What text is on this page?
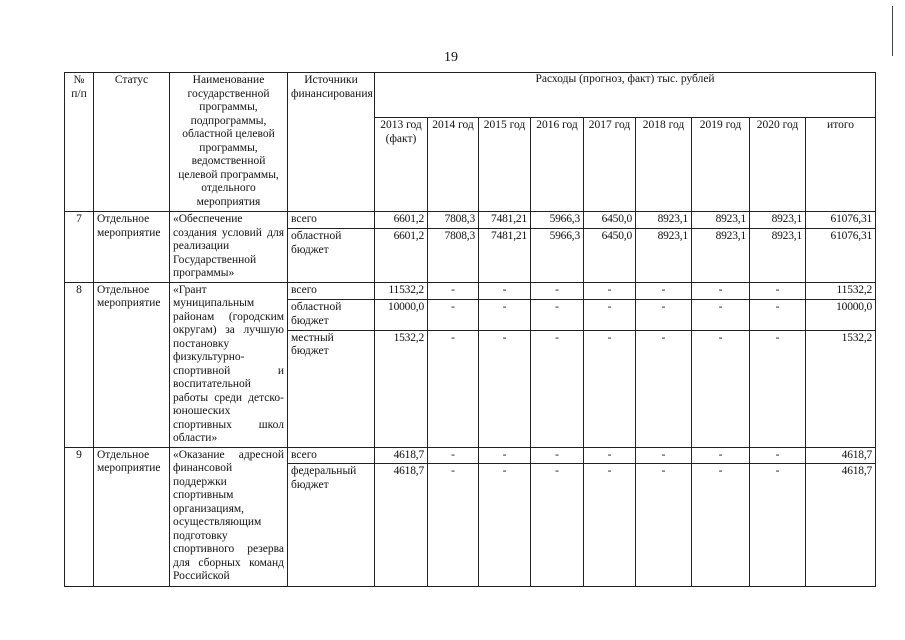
19
№ п/п	Статус	Наименование государственной программы, подпрограммы, областной целевой программы, ведомственной целевой программы, отдельного мероприятия	Источники финансирования	Расходы (прогноз, факт) тыс. рублей								
				2013 год (факт)	2014 год	2015 год	2016 год	2017 год	2018 год	2019 год	2020 год	итого
7	Отдельное мероприятие	«Обеспечение создания условий для реализации Государственной программы»	всего	6601,2	7808,3	7481,21	5966,3	6450,0	8923,1	8923,1	8923,1	61076,31
			областной бюджет	6601,2	7808,3	7481,21	5966,3	6450,0	8923,1	8923,1	8923,1	61076,31
8	Отдельное мероприятие	«Грант муниципальным районам (городским округам) за лучшую постановку физкультурно-спортивной и воспитательной работы среди детско-юношеских спортивных школ области»	всего	11532,2	-	-	-	-	-	-	-	11532,2
			областной бюджет	10000,0	-	-	-	-	-	-	-	10000,0
			местный бюджет	1532,2	-	-	-	-	-	-	-	1532,2
9	Отдельное мероприятие	«Оказание адресной финансовой поддержки спортивным организациям, осуществляющим подготовку спортивного резерва для сборных команд Российской	всего	4618,7	-	-	-	-	-	-	-	4618,7
			федеральный бюджет	4618,7	-	-	-	-	-	-	-	4618,7
